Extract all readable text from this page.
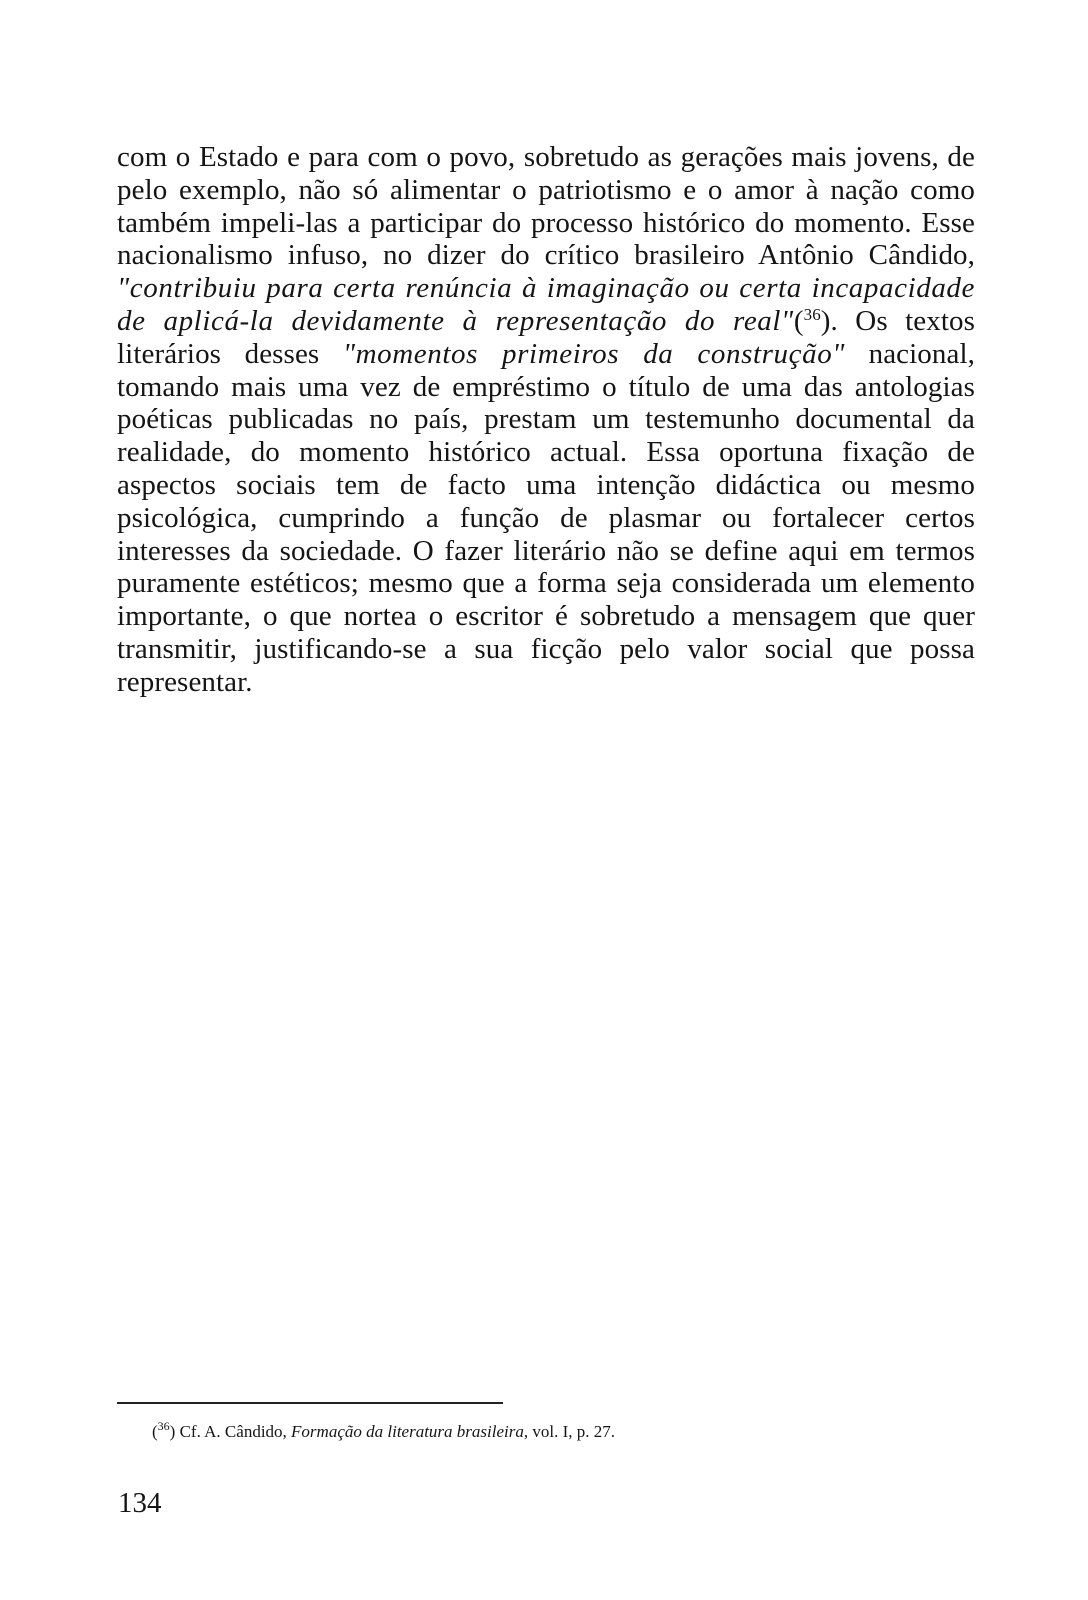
com o Estado e para com o povo, sobretudo as gerações mais jovens, de pelo exemplo, não só alimentar o patriotismo e o amor à nação como também impeli-las a participar do processo histórico do momento. Esse nacionalismo infuso, no dizer do crítico brasileiro Antônio Cândido, "contribuiu para certa renúncia à imaginação ou certa incapacidade de aplicá-la devidamente à representação do real"($^{36}$). Os textos literários desses "momentos primeiros da construção" nacional, tomando mais uma vez de empréstimo o título de uma das antologias poéticas publicadas no país, prestam um testemunho documental da realidade, do momento histórico actual. Essa oportuna fixação de aspectos sociais tem de facto uma intenção didáctica ou mesmo psicológica, cumprindo a função de plasmar ou fortalecer certos interesses da sociedade. O fazer literário não se define aqui em termos puramente estéticos; mesmo que a forma seja considerada um elemento importante, o que nortea o escritor é sobretudo a mensagem que quer transmitir, justificando-se a sua ficção pelo valor social que possa representar.

($^{36}$) Cf. A. Cândido, Formação da literatura brasileira, vol. I, p. 27.

134
